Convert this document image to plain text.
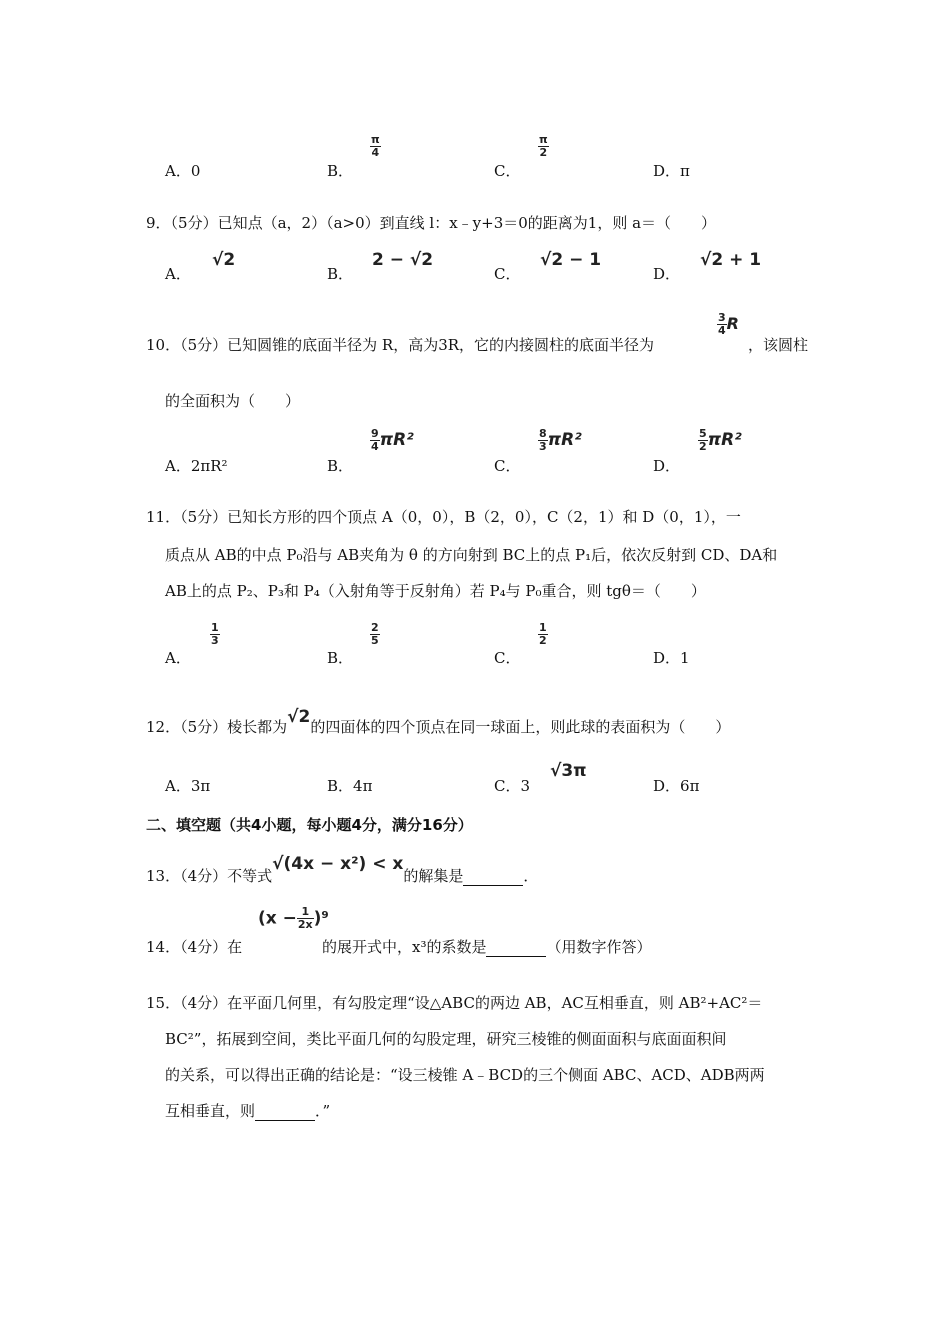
A．0	B．
$\frac{\pi}{4}$
C．
$\frac{\pi}{2}$
D．π
9．（5分）已知点（a，2）（a>0）到直线 l：x﹣y+3＝0的距离为1，则 a＝（　　）
A．
√2
B．
2 − √2
C．
√2 − 1
D．
√2 + 1
10．（5分）已知圆锥的底面半径为 R，高为3R，它的内接圆柱的底面半径为
$\frac{3}{4}$ R
，该圆柱
的全面积为（　　）
A．2πR²	B．
$\frac{9}{4} \pi R^2$
C．
$\frac{8}{3} \pi R^2$
D．
$\frac{5}{2} \pi R^2$
11．（5分）已知长方形的四个顶点 A（0，0），B（2，0），C（2，1）和 D（0，1），一
质点从 AB的中点 P₀沿与 AB夹角为 θ 的方向射到 BC上的点 P₁后，依次反射到 CD、DA和
AB上的点 P₂、P₃和 P₄（入射角等于反射角）若 P₄与 P₀重合，则 tgθ＝（　　）
A．
$\frac{1}{3}$
B．
$\frac{2}{5}$
C．
$\frac{1}{2}$
D．1
12．（5分）棱长都为√2的四面体的四个顶点在同一球面上，则此球的表面积为（　　）
A．3π	B．4π	C．3
√3π
D．6π
二、填空题（共4小题，每小题4分，满分16分）
13．（4分）不等式√(4x − x²) < x的解集是	．
14．（4分）在
$(x - \frac{1}{2x} )^9$
的展开式中，x³的系数是	（用数字作答）
15．（4分）在平面几何里，有勾股定理“设△ABC的两边 AB，AC互相垂直，则 AB²+AC²＝
BC²”，拓展到空间，类比平面几何的勾股定理，研究三棱锥的侧面面积与底面面积间
的关系，可以得出正确的结论是：“设三棱锥 A﹣BCD的三个侧面 ABC、ACD、ADB两两
互相垂直，则	．”
